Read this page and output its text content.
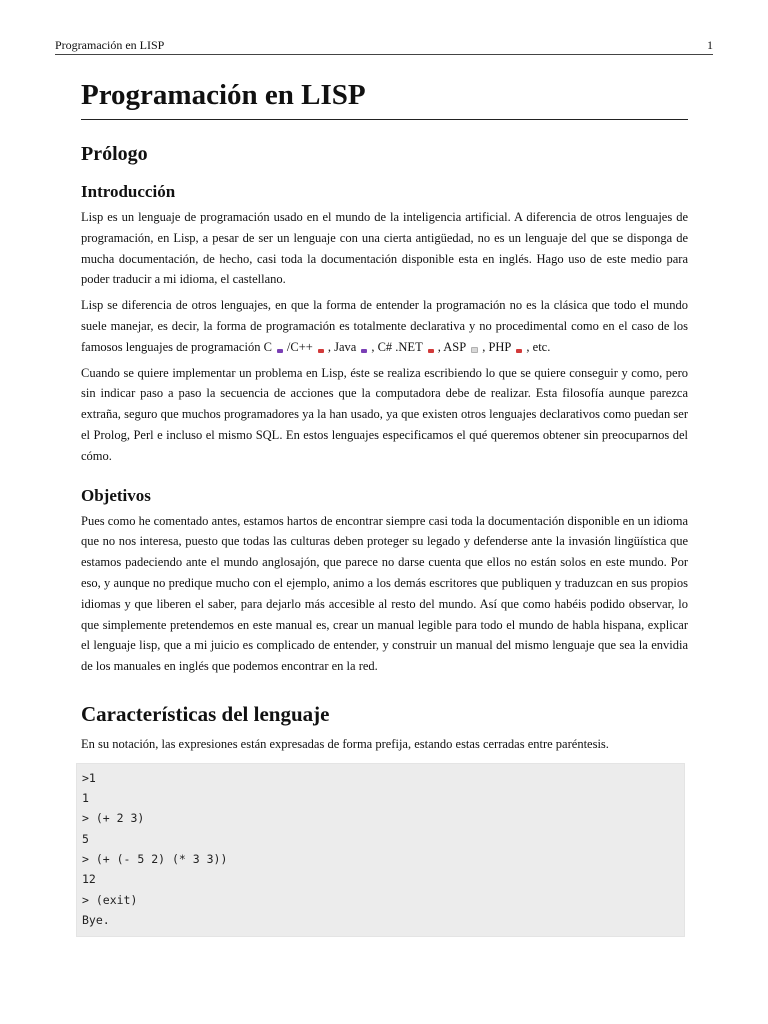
Programación en LISP	1
Programación en LISP
Prólogo
Introducción

Lisp es un lenguaje de programación usado en el mundo de la inteligencia artificial. A diferencia de otros lenguajes de programación, en Lisp, a pesar de ser un lenguaje con una cierta antigüedad, no es un lenguaje del que se disponga de mucha documentación, de hecho, casi toda la documentación disponible esta en inglés. Hago uso de este medio para poder traducir a mi idioma, el castellano.

Lisp se diferencia de otros lenguajes, en que la forma de entender la programación no es la clásica que todo el mundo suele manejar, es decir, la forma de programación es totalmente declarativa y no procedimental como en el caso de los famosos lenguajes de programación C /C++ , Java , C# .NET , ASP , PHP , etc.

Cuando se quiere implementar un problema en Lisp, éste se realiza escribiendo lo que se quiere conseguir y como, pero sin indicar paso a paso la secuencia de acciones que la computadora debe de realizar. Esta filosofía aunque parezca extraña, seguro que muchos programadores ya la han usado, ya que existen otros lenguajes declarativos como puedan ser el Prolog, Perl e incluso el mismo SQL. En estos lenguajes especificamos el qué queremos obtener sin preocuparnos del cómo.

Objetivos

Pues como he comentado antes, estamos hartos de encontrar siempre casi toda la documentación disponible en un idioma que no nos interesa, puesto que todas las culturas deben proteger su legado y defenderse ante la invasión lingüística que estamos padeciendo ante el mundo anglosajón, que parece no darse cuenta que ellos no están solos en este mundo. Por eso, y aunque no predique mucho con el ejemplo, animo a los demás escritores que publiquen y traduzcan en sus propios idiomas y que liberen el saber, para dejarlo más accesible al resto del mundo. Así que como habéis podido observar, lo que simplemente pretendemos en este manual es, crear un manual legible para todo el mundo de habla hispana, explicar el lenguaje lisp, que a mi juicio es complicado de entender, y construir un manual del mismo lenguaje que sea la envidia de los manuales en inglés que podemos encontrar en la red.

Características del lenguaje

En su notación, las expresiones están expresadas de forma prefija, estando estas cerradas entre paréntesis.

>1
1
> (+ 2 3)
5
> (+ (- 5 2) (* 3 3))
12
> (exit)
Bye.
